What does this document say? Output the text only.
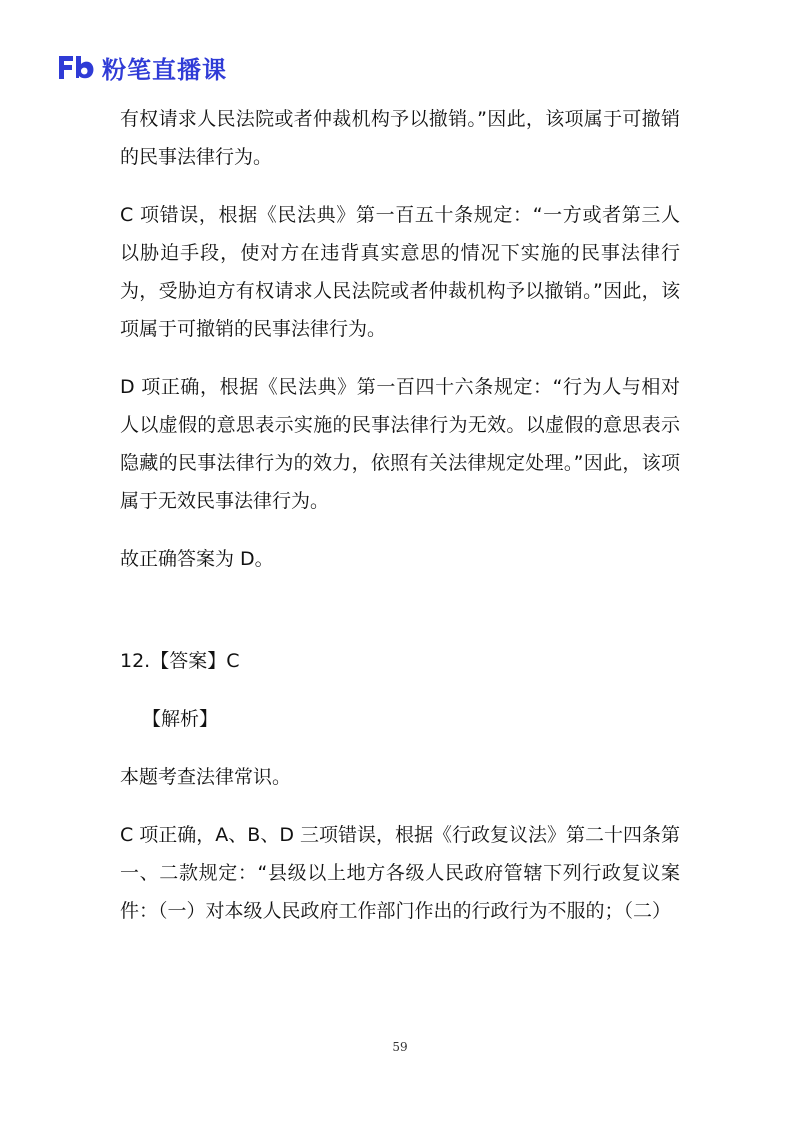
粉笔直播课

有权请求人民法院或者仲裁机构予以撤销。”因此，该项属于可撤销的民事法律行为。

C 项错误，根据《民法典》第一百五十条规定：“一方或者第三人以胁迫手段，使对方在违背真实意思的情况下实施的民事法律行为，受胁迫方有权请求人民法院或者仲裁机构予以撤销。”因此，该项属于可撤销的民事法律行为。

D 项正确，根据《民法典》第一百四十六条规定：“行为人与相对人以虚假的意思表示实施的民事法律行为无效。以虚假的意思表示隐藏的民事法律行为的效力，依照有关法律规定处理。”因此，该项属于无效民事法律行为。

故正确答案为 D。

12.【答案】C

【解析】

本题考查法律常识。

C 项正确，A、B、D 三项错误，根据《行政复议法》第二十四条第一、二款规定：“县级以上地方各级人民政府管辖下列行政复议案件：（一）对本级人民政府工作部门作出的行政行为不服的；（二）

59
